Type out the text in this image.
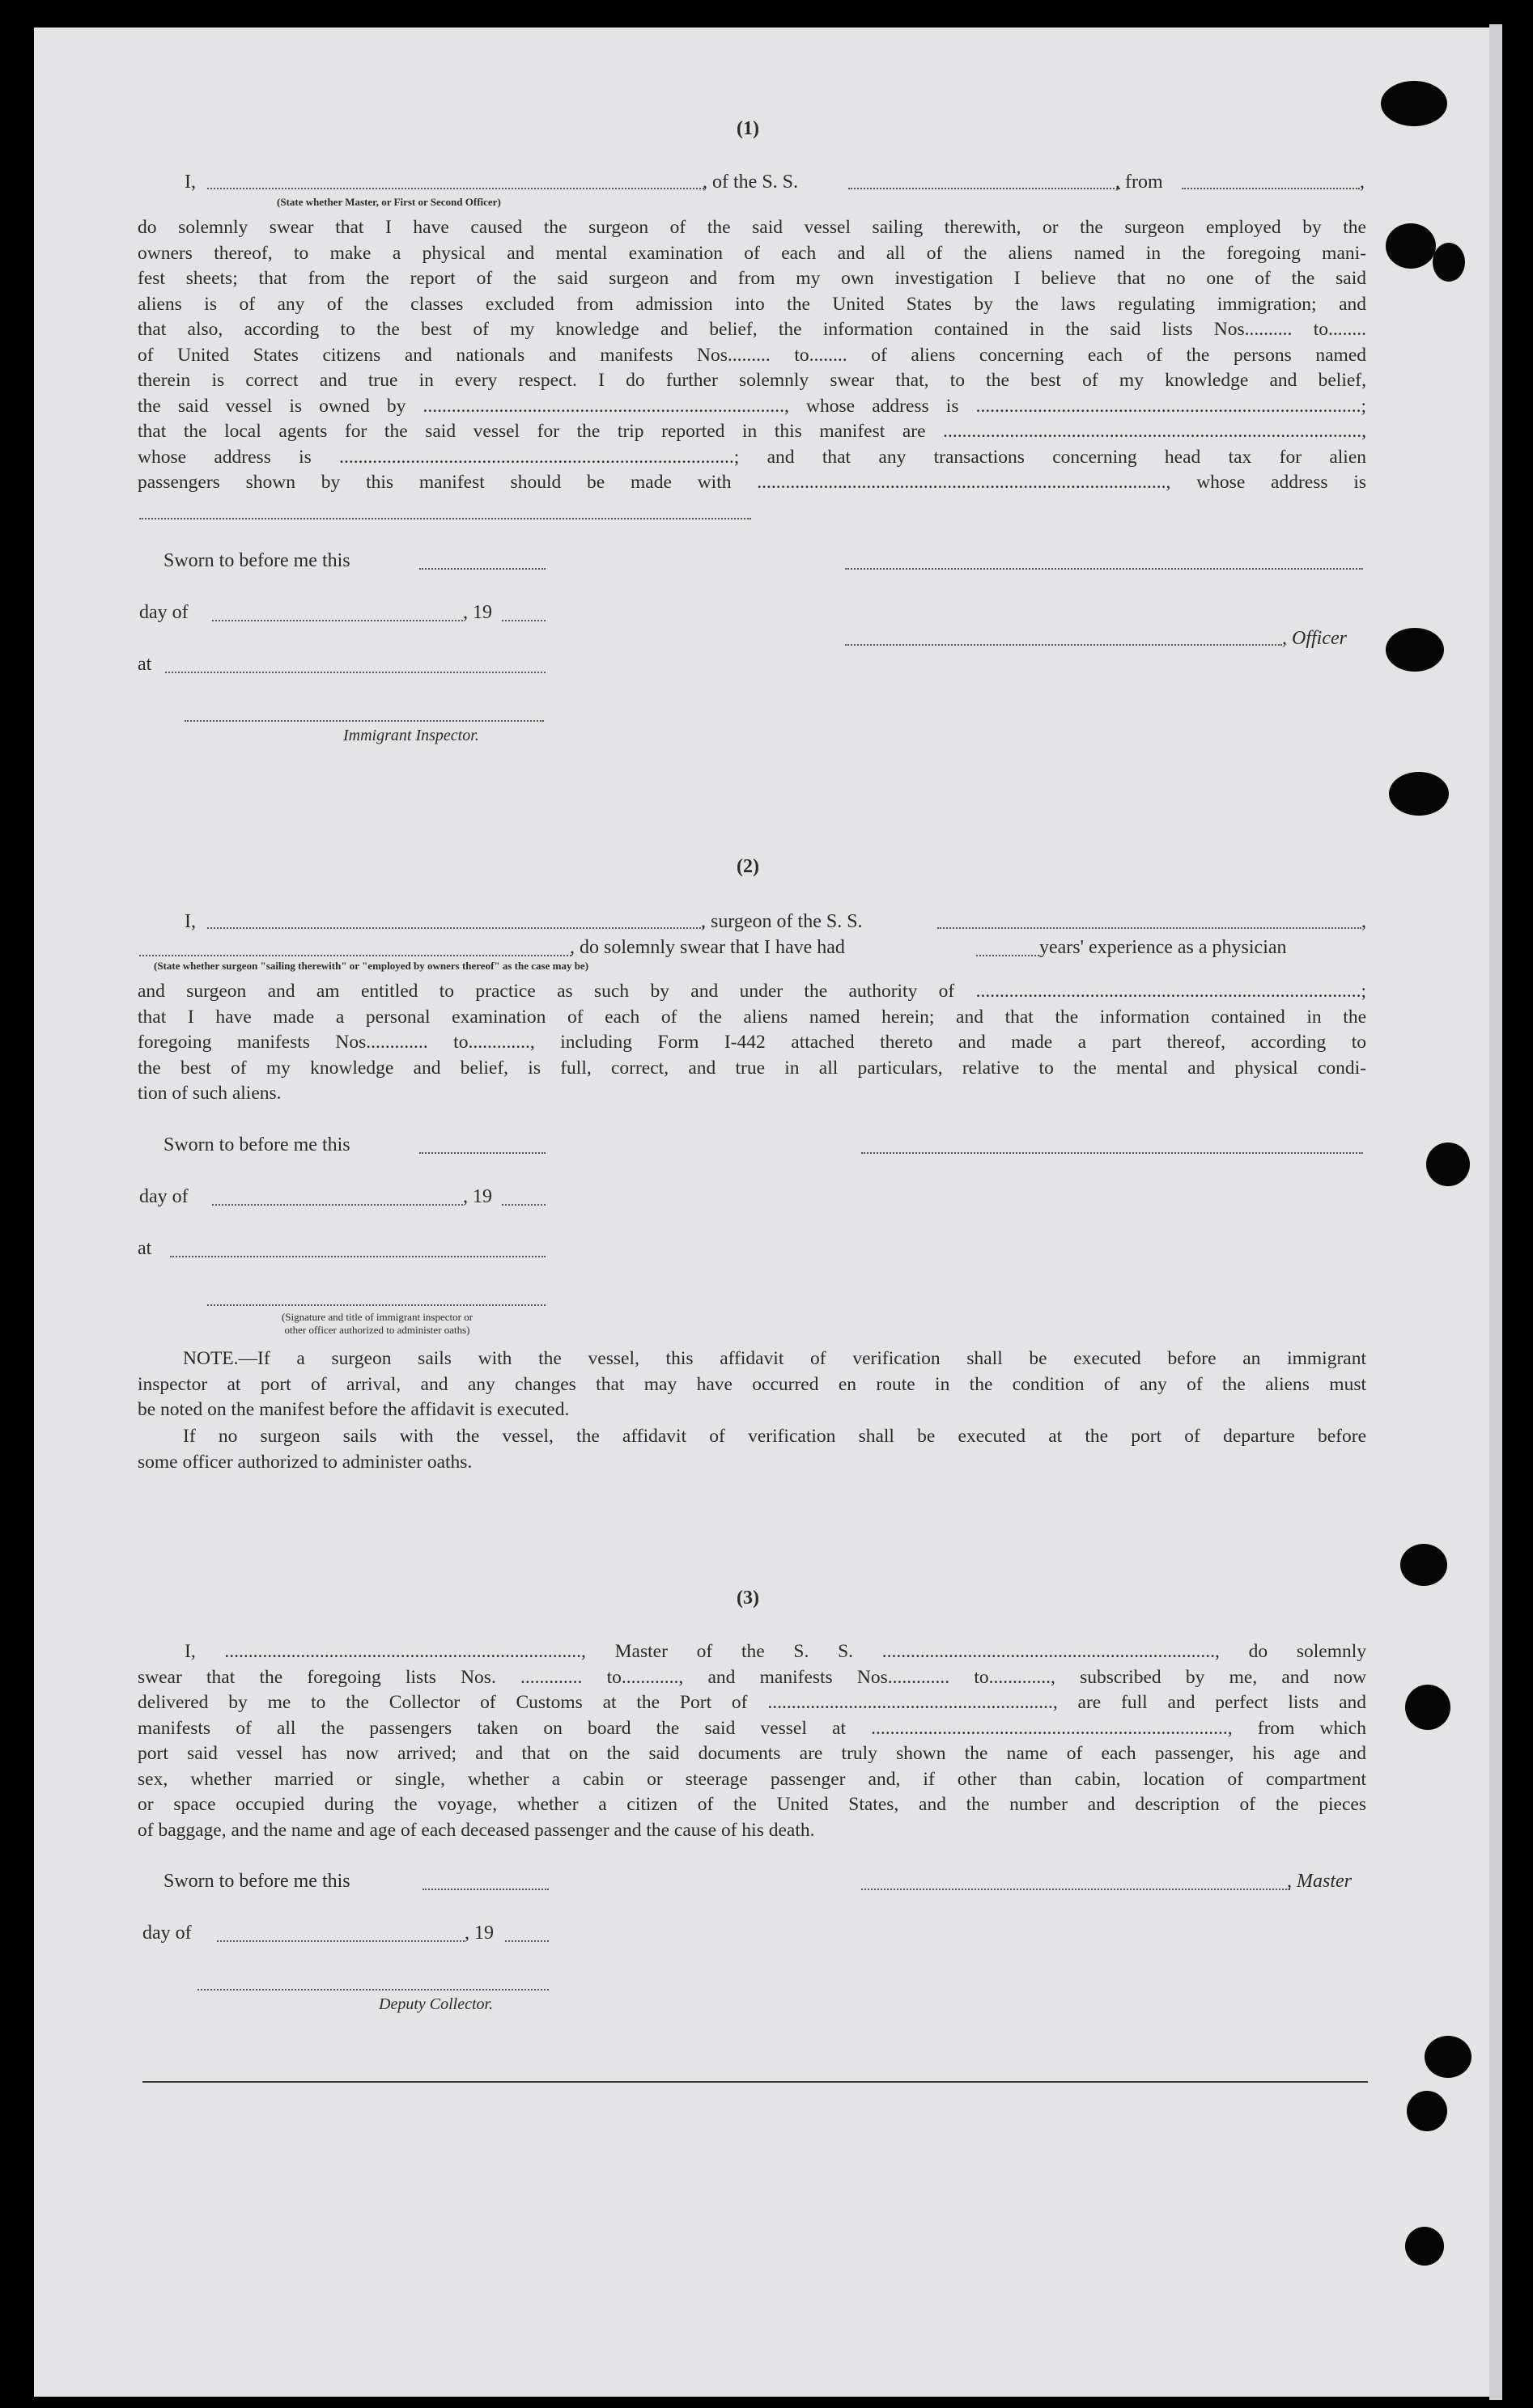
(1)
I,	, of the S. S.	, from	,
(State whether Master, or First or Second Officer)
do solemnly swear that I have caused the surgeon of the said vessel sailing therewith, or the surgeon employed by the
owners thereof, to make a physical and mental examination of each and all of the aliens named in the foregoing mani-
fest sheets; that from the report of the said surgeon and from my own investigation I believe that no one of the said
aliens is of any of the classes excluded from admission into the United States by the laws regulating immigration; and
that also, according to the best of my knowledge and belief, the information contained in the said lists Nos.......... to........
of United States citizens and nationals and manifests Nos......... to........ of aliens concerning each of the persons named
therein is correct and true in every respect. I do further solemnly swear that, to the best of my knowledge and belief,
the said vessel is owned by ............................................................................, whose address is .................................................................................;
that the local agents for the said vessel for the trip reported in this manifest are ........................................................................................,
whose address is ...................................................................................; and that any transactions concerning head tax for alien
passengers shown by this manifest should be made with ......................................................................................, whose address is
Sworn to before me this
day of	, 19
, Officer
at
Immigrant Inspector.
(2)
I,	, surgeon of the S. S.	,
, do solemnly swear that I have had	years' experience as a physician
(State whether surgeon "sailing therewith" or "employed by owners thereof" as the case may be)
and surgeon and am entitled to practice as such by and under the authority of .................................................................................;
that I have made a personal examination of each of the aliens named herein; and that the information contained in the
foregoing manifests Nos............. to............., including Form I-442 attached thereto and made a part thereof, according to
the best of my knowledge and belief, is full, correct, and true in all particulars, relative to the mental and physical condi-
tion of such aliens.
Sworn to before me this
day of	, 19
at
(Signature and title of immigrant inspector or
other officer authorized to administer oaths)
NOTE.—If a surgeon sails with the vessel, this affidavit of verification shall be executed before an immigrant
inspector at port of arrival, and any changes that may have occurred en route in the condition of any of the aliens must
be noted on the manifest before the affidavit is executed.
If no surgeon sails with the vessel, the affidavit of verification shall be executed at the port of departure before
some officer authorized to administer oaths.
(3)
I, ..........................................................................., Master of the S. S. ......................................................................, do solemnly
swear that the foregoing lists Nos. ............. to............, and manifests Nos............. to............., subscribed by me, and now
delivered by me to the Collector of Customs at the Port of ............................................................, are full and perfect lists and
manifests of all the passengers taken on board the said vessel at ..........................................................................., from which
port said vessel has now arrived; and that on the said documents are truly shown the name of each passenger, his age and
sex, whether married or single, whether a cabin or steerage passenger and, if other than cabin, location of compartment
or space occupied during the voyage, whether a citizen of the United States, and the number and description of the pieces
of baggage, and the name and age of each deceased passenger and the cause of his death.
Sworn to before me this	, Master
day of	, 19
Deputy Collector.
